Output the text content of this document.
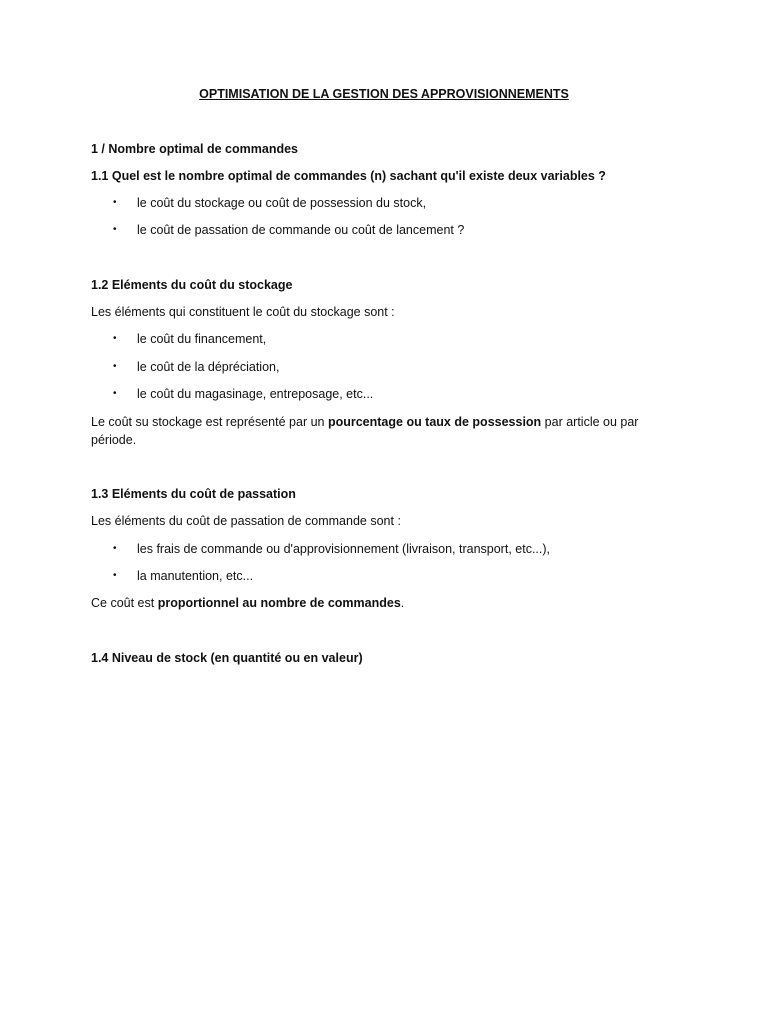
OPTIMISATION DE LA GESTION DES APPROVISIONNEMENTS
1 / Nombre optimal de commandes
1.1 Quel est le nombre optimal de commandes (n) sachant qu'il existe deux variables ?
• le coût du stockage ou coût de possession du stock,
• le coût de passation de commande ou coût de lancement ?
1.2 Eléments du coût du stockage
Les éléments qui constituent le coût du stockage sont :
• le coût du financement,
• le coût de la dépréciation,
• le coût du magasinage, entreposage, etc...
Le coût su stockage est représenté par un pourcentage ou taux de possession par article ou par période.
1.3 Eléments du coût de passation
Les éléments du coût de passation de commande sont :
• les frais de commande ou d'approvisionnement (livraison, transport, etc...),
• la manutention, etc...
Ce coût est proportionnel au nombre de commandes.
1.4 Niveau de stock (en quantité ou en valeur)
